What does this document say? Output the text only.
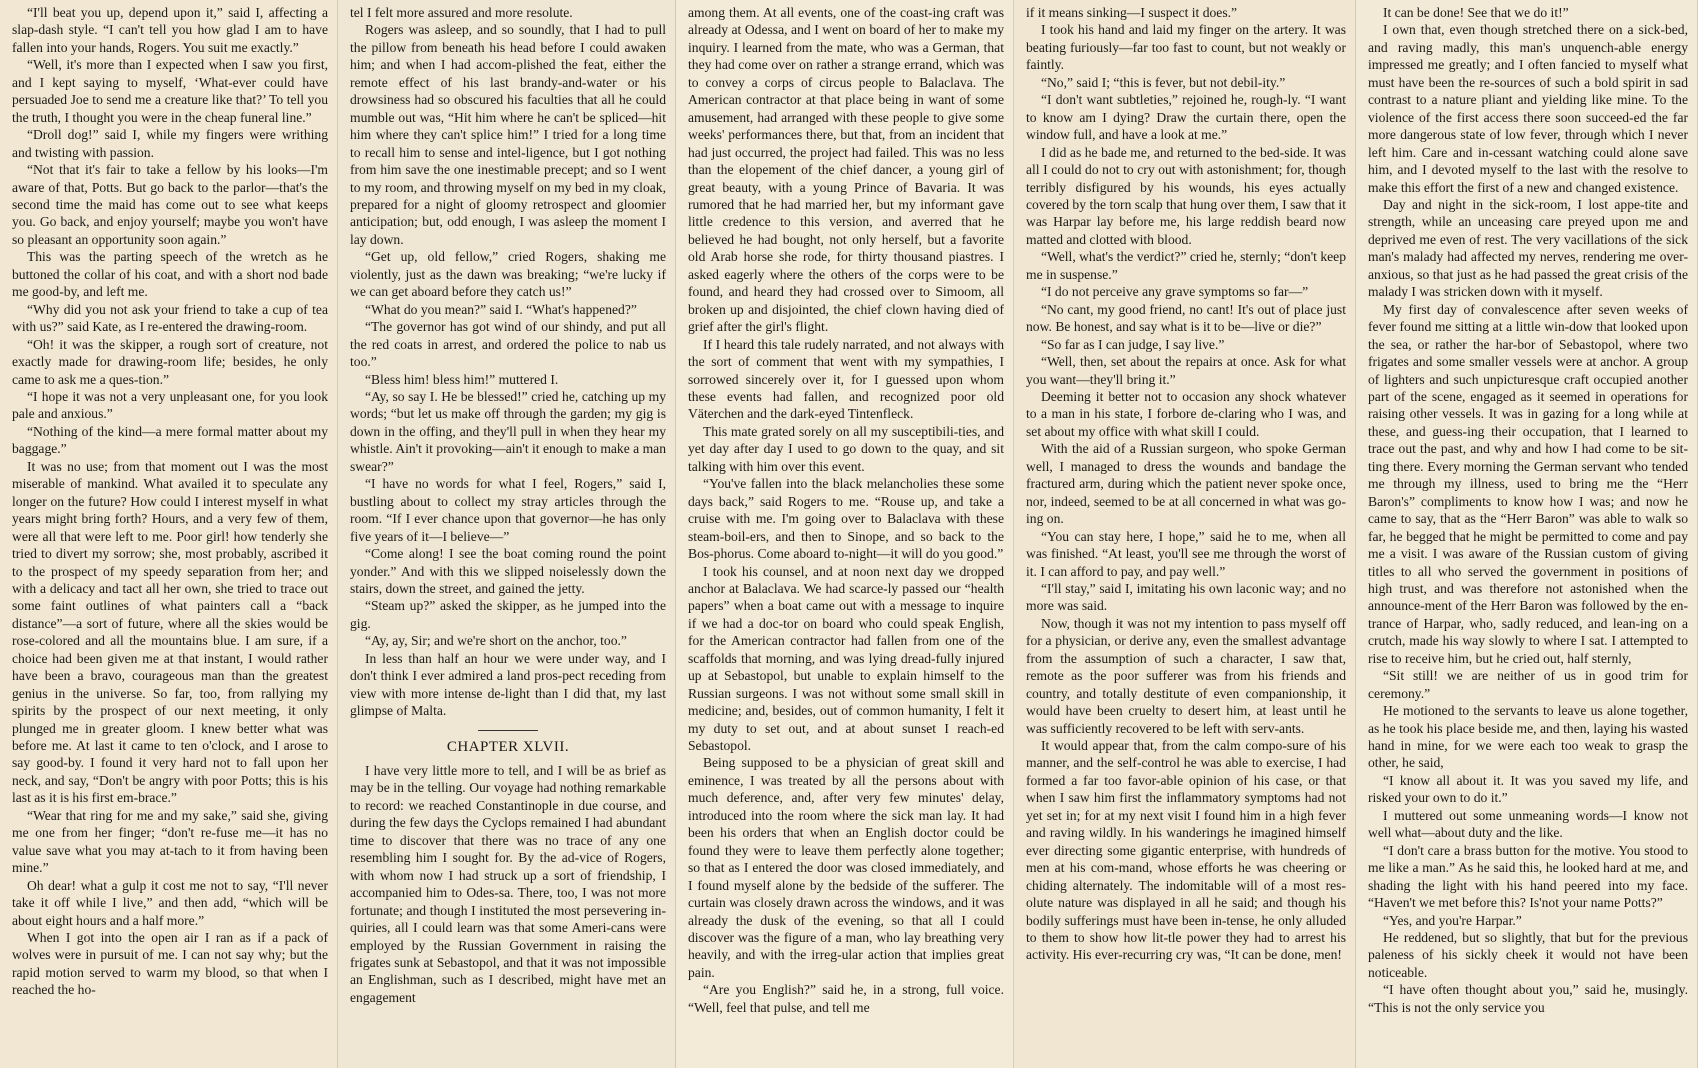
“I'll beat you up, depend upon it,” said I, affecting a slap-dash style. “I can't tell you how glad I am to have fallen into your hands, Rogers. You suit me exactly.”

“Well, it's more than I expected when I saw you first, and I kept saying to myself, ‘What-ever could have persuaded Joe to send me a creature like that?’ To tell you the truth, I thought you were in the cheap funeral line.”

“Droll dog!” said I, while my fingers were writhing and twisting with passion.

“Not that it's fair to take a fellow by his looks—I'm aware of that, Potts. But go back to the parlor—that's the second time the maid has come out to see what keeps you. Go back, and enjoy yourself; maybe you won't have so pleasant an opportunity soon again.”

This was the parting speech of the wretch as he buttoned the collar of his coat, and with a short nod bade me good-by, and left me.

“Why did you not ask your friend to take a cup of tea with us?” said Kate, as I re-entered the drawing-room.

“Oh! it was the skipper, a rough sort of creature, not exactly made for drawing-room life; besides, he only came to ask me a ques-tion.”

“I hope it was not a very unpleasant one, for you look pale and anxious.”

“Nothing of the kind—a mere formal matter about my baggage.”

It was no use; from that moment out I was the most miserable of mankind. What availed it to speculate any longer on the future? How could I interest myself in what years might bring forth? Hours, and a very few of them, were all that were left to me. Poor girl! how tenderly she tried to divert my sorrow; she, most probably, ascribed it to the prospect of my speedy separation from her; and with a delicacy and tact all her own, she tried to trace out some faint outlines of what painters call a “back distance”—a sort of future, where all the skies would be rose-colored and all the mountains blue. I am sure, if a choice had been given me at that instant, I would rather have been a bravo, courageous man than the greatest genius in the universe. So far, too, from rallying my spirits by the prospect of our next meeting, it only plunged me in greater gloom. I knew better what was before me. At last it came to ten o'clock, and I arose to say good-by. I found it very hard not to fall upon her neck, and say, “Don't be angry with poor Potts; this is his last as it is his first em-brace.”

“Wear that ring for me and my sake,” said she, giving me one from her finger; “don't re-fuse me—it has no value save what you may at-tach to it from having been mine.”

Oh dear! what a gulp it cost me not to say, “I'll never take it off while I live,” and then add, “which will be about eight hours and a half more.”

When I got into the open air I ran as if a pack of wolves were in pursuit of me. I can not say why; but the rapid motion served to warm my blood, so that when I reached the ho-

tel I felt more assured and more resolute.

Rogers was asleep, and so soundly, that I had to pull the pillow from beneath his head before I could awaken him; and when I had accom-plished the feat, either the remote effect of his last brandy-and-water or his drowsiness had so obscured his faculties that all he could mumble out was, “Hit him where he can't be spliced—hit him where they can't splice him!” I tried for a long time to recall him to sense and intel-ligence, but I got nothing from him save the one inestimable precept; and so I went to my room, and throwing myself on my bed in my cloak, prepared for a night of gloomy retrospect and gloomier anticipation; but, odd enough, I was asleep the moment I lay down.

“Get up, old fellow,” cried Rogers, shaking me violently, just as the dawn was breaking; “we're lucky if we can get aboard before they catch us!”

“What do you mean?” said I. “What's happened?”

“The governor has got wind of our shindy, and put all the red coats in arrest, and ordered the police to nab us too.”

“Bless him! bless him!” muttered I.

“Ay, so say I. He be blessed!” cried he, catching up my words; “but let us make off through the garden; my gig is down in the offing, and they'll pull in when they hear my whistle. Ain't it provoking—ain't it enough to make a man swear?”

“I have no words for what I feel, Rogers,” said I, bustling about to collect my stray articles through the room. “If I ever chance upon that governor—he has only five years of it—I believe—”

“Come along! I see the boat coming round the point yonder.” And with this we slipped noiselessly down the stairs, down the street, and gained the jetty.

“Steam up?” asked the skipper, as he jumped into the gig.

“Ay, ay, Sir; and we're short on the anchor, too.”

In less than half an hour we were under way, and I don't think I ever admired a land pros-pect receding from view with more intense de-light than I did that, my last glimpse of Malta.

CHAPTER XLVII.

I have very little more to tell, and I will be as brief as may be in the telling. Our voyage had nothing remarkable to record: we reached Constantinople in due course, and during the few days the Cyclops remained I had abundant time to discover that there was no trace of any one resembling him I sought for. By the ad-vice of Rogers, with whom now I had struck up a sort of friendship, I accompanied him to Odes-sa. There, too, I was not more fortunate; and though I instituted the most persevering in-quiries, all I could learn was that some Ameri-cans were employed by the Russian Government in raising the frigates sunk at Sebastopol, and that it was not impossible an Englishman, such as I described, might have met an engagement

among them. At all events, one of the coast-ing craft was already at Odessa, and I went on board of her to make my inquiry. I learned from the mate, who was a German, that they had come over on rather a strange errand, which was to convey a corps of circus people to Balaclava. The American contractor at that place being in want of some amusement, had arranged with these people to give some weeks' performances there, but that, from an incident that had just occurred, the project had failed. This was no less than the elopement of the chief dancer, a young girl of great beauty, with a young Prince of Bavaria. It was rumored that he had married her, but my informant gave little credence to this version, and averred that he believed he had bought, not only herself, but a favorite old Arab horse she rode, for thirty thousand piastres. I asked eagerly where the others of the corps were to be found, and heard they had crossed over to Simoom, all broken up and disjointed, the chief clown having died of grief after the girl's flight.

If I heard this tale rudely narrated, and not always with the sort of comment that went with my sympathies, I sorrowed sincerely over it, for I guessed upon whom these events had fallen, and recognized poor old Väterchen and the dark-eyed Tintenfleck.

This mate grated sorely on all my susceptibili-ties, and yet day after day I used to go down to the quay, and sit talking with him over this event.

“You've fallen into the black melancholies these some days back,” said Rogers to me. “Rouse up, and take a cruise with me. I'm going over to Balaclava with these steam-boil-ers, and then to Sinope, and so back to the Bos-phorus. Come aboard to-night—it will do you good.”

I took his counsel, and at noon next day we dropped anchor at Balaclava. We had scarce-ly passed our “health papers” when a boat came out with a message to inquire if we had a doc-tor on board who could speak English, for the American contractor had fallen from one of the scaffolds that morning, and was lying dread-fully injured up at Sebastopol, but unable to explain himself to the Russian surgeons. I was not without some small skill in medicine; and, besides, out of common humanity, I felt it my duty to set out, and at about sunset I reach-ed Sebastopol.

Being supposed to be a physician of great skill and eminence, I was treated by all the persons about with much deference, and, after very few minutes' delay, introduced into the room where the sick man lay. It had been his orders that when an English doctor could be found they were to leave them perfectly alone together; so that as I entered the door was closed immediately, and I found myself alone by the bedside of the sufferer. The curtain was closely drawn across the windows, and it was already the dusk of the evening, so that all I could discover was the figure of a man, who lay breathing very heavily, and with the irreg-ular action that implies great pain.

“Are you English?” said he, in a strong, full voice. “Well, feel that pulse, and tell me

if it means sinking—I suspect it does.”

I took his hand and laid my finger on the artery. It was beating furiously—far too fast to count, but not weakly or faintly.

“No,” said I; “this is fever, but not debil-ity.”

“I don't want subtleties,” rejoined he, rough-ly. “I want to know am I dying? Draw the curtain there, open the window full, and have a look at me.”

I did as he bade me, and returned to the bed-side. It was all I could do not to cry out with astonishment; for, though terribly disfigured by his wounds, his eyes actually covered by the torn scalp that hung over them, I saw that it was Harpar lay before me, his large reddish beard now matted and clotted with blood.

“Well, what's the verdict?” cried he, sternly; “don't keep me in suspense.”

“I do not perceive any grave symptoms so far—”

“No cant, my good friend, no cant! It's out of place just now. Be honest, and say what is it to be—live or die?”

“So far as I can judge, I say live.”

“Well, then, set about the repairs at once. Ask for what you want—they'll bring it.”

Deeming it better not to occasion any shock whatever to a man in his state, I forbore de-claring who I was, and set about my office with what skill I could.

With the aid of a Russian surgeon, who spoke German well, I managed to dress the wounds and bandage the fractured arm, during which the patient never spoke once, nor, indeed, seemed to be at all concerned in what was go-ing on.

“You can stay here, I hope,” said he to me, when all was finished. “At least, you'll see me through the worst of it. I can afford to pay, and pay well.”

“I'll stay,” said I, imitating his own laconic way; and no more was said.

Now, though it was not my intention to pass myself off for a physician, or derive any, even the smallest advantage from the assumption of such a character, I saw that, remote as the poor sufferer was from his friends and country, and totally destitute of even companionship, it would have been cruelty to desert him, at least until he was sufficiently recovered to be left with serv-ants.

It would appear that, from the calm compo-sure of his manner, and the self-control he was able to exercise, I had formed a far too favor-able opinion of his case, or that when I saw him first the inflammatory symptoms had not yet set in; for at my next visit I found him in a high fever and raving wildly. In his wanderings he imagined himself ever directing some gigantic enterprise, with hundreds of men at his com-mand, whose efforts he was cheering or chiding alternately. The indomitable will of a most res-olute nature was displayed in all he said; and though his bodily sufferings must have been in-tense, he only alluded to them to show how lit-tle power they had to arrest his activity. His ever-recurring cry was, “It can be done, men!

It can be done! See that we do it!”

I own that, even though stretched there on a sick-bed, and raving madly, this man's unquench-able energy impressed me greatly; and I often fancied to myself what must have been the re-sources of such a bold spirit in sad contrast to a nature pliant and yielding like mine. To the violence of the first access there soon succeed-ed the far more dangerous state of low fever, through which I never left him. Care and in-cessant watching could alone save him, and I devoted myself to the last with the resolve to make this effort the first of a new and changed existence.

Day and night in the sick-room, I lost appe-tite and strength, while an unceasing care preyed upon me and deprived me even of rest. The very vacillations of the sick man's malady had affected my nerves, rendering me over-anxious, so that just as he had passed the great crisis of the malady I was stricken down with it myself.

My first day of convalescence after seven weeks of fever found me sitting at a little win-dow that looked upon the sea, or rather the har-bor of Sebastopol, where two frigates and some smaller vessels were at anchor. A group of lighters and such unpicturesque craft occupied another part of the scene, engaged as it seemed in operations for raising other vessels. It was in gazing for a long while at these, and guess-ing their occupation, that I learned to trace out the past, and why and how I had come to be sit-ting there. Every morning the German servant who tended me through my illness, used to bring me the “Herr Baron's” compliments to know how I was; and now he came to say, that as the “Herr Baron” was able to walk so far, he begged that he might be permitted to come and pay me a visit. I was aware of the Russian custom of giving titles to all who served the government in positions of high trust, and was therefore not astonished when the announce-ment of the Herr Baron was followed by the en-trance of Harpar, who, sadly reduced, and lean-ing on a crutch, made his way slowly to where I sat. I attempted to rise to receive him, but he cried out, half sternly,

“Sit still! we are neither of us in good trim for ceremony.”

He motioned to the servants to leave us alone together, as he took his place beside me, and then, laying his wasted hand in mine, for we were each too weak to grasp the other, he said,

“I know all about it. It was you saved my life, and risked your own to do it.”

I muttered out some unmeaning words—I know not well what—about duty and the like.

“I don't care a brass button for the motive. You stood to me like a man.” As he said this, he looked hard at me, and shading the light with his hand peered into my face. “Haven't we met before this? Is'not your name Potts?”

“Yes, and you're Harpar.”

He reddened, but so slightly, that but for the previous paleness of his sickly cheek it would not have been noticeable.

“I have often thought about you,” said he, musingly. “This is not the only service you
